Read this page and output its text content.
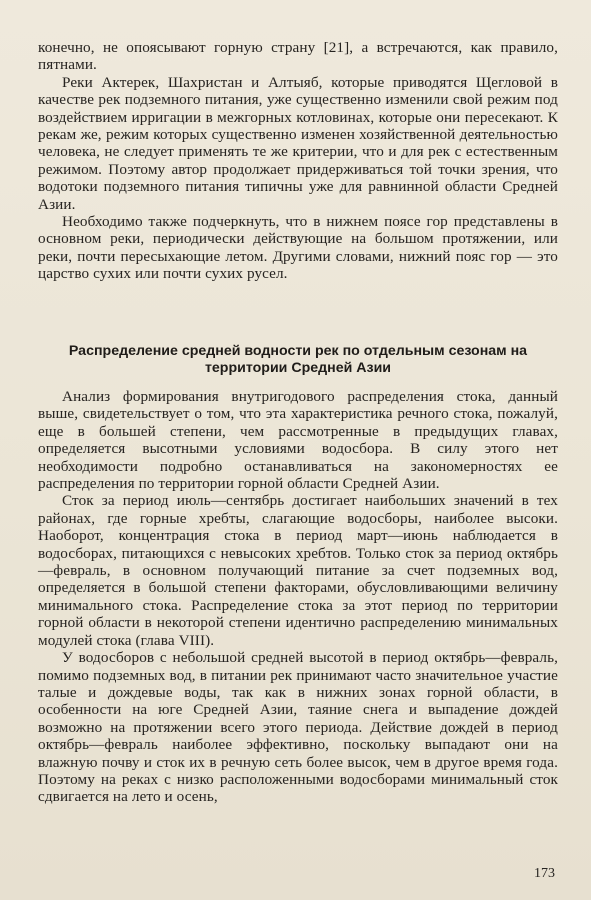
конечно, не опоясывают горную страну [21], а встречаются, как правило, пятнами.

Реки Актерек, Шахристан и Алтыяб, которые приводятся Щегловой в качестве рек подземного питания, уже существенно изменили свой режим под воздействием ирригации в межгорных котловинах, которые они пересекают. К рекам же, режим которых существенно изменен хозяйственной деятельностью человека, не следует применять те же критерии, что и для рек с естественным режимом. Поэтому автор продолжает придерживаться той точки зрения, что водотоки подземного питания типичны уже для равнинной области Средней Азии.

Необходимо также подчеркнуть, что в нижнем поясе гор представлены в основном реки, периодически действующие на большом протяжении, или реки, почти пересыхающие летом. Другими словами, нижний пояс гор — это царство сухих или почти сухих русел.

Распределение средней водности рек по отдельным сезонам на территории Средней Азии

Анализ формирования внутригодового распределения стока, данный выше, свидетельствует о том, что эта характеристика речного стока, пожалуй, еще в большей степени, чем рассмотренные в предыдущих главах, определяется высотными условиями водосбора. В силу этого нет необходимости подробно останавливаться на закономерностях ее распределения по территории горной области Средней Азии.

Сток за период июль—сентябрь достигает наибольших значений в тех районах, где горные хребты, слагающие водосборы, наиболее высоки. Наоборот, концентрация стока в период март—июнь наблюдается в водосборах, питающихся с невысоких хребтов. Только сток за период октябрь—февраль, в основном получающий питание за счет подземных вод, определяется в большой степени факторами, обусловливающими величину минимального стока. Распределение стока за этот период по территории горной области в некоторой степени идентично распределению минимальных модулей стока (глава VIII).

У водосборов с небольшой средней высотой в период октябрь—февраль, помимо подземных вод, в питании рек принимают часто значительное участие талые и дождевые воды, так как в нижних зонах горной области, в особенности на юге Средней Азии, таяние снега и выпадение дождей возможно на протяжении всего этого периода. Действие дождей в период октябрь—февраль наиболее эффективно, поскольку выпадают они на влажную почву и сток их в речную сеть более высок, чем в другое время года. Поэтому на реках с низко расположенными водосборами минимальный сток сдвигается на лето и осень,

173
